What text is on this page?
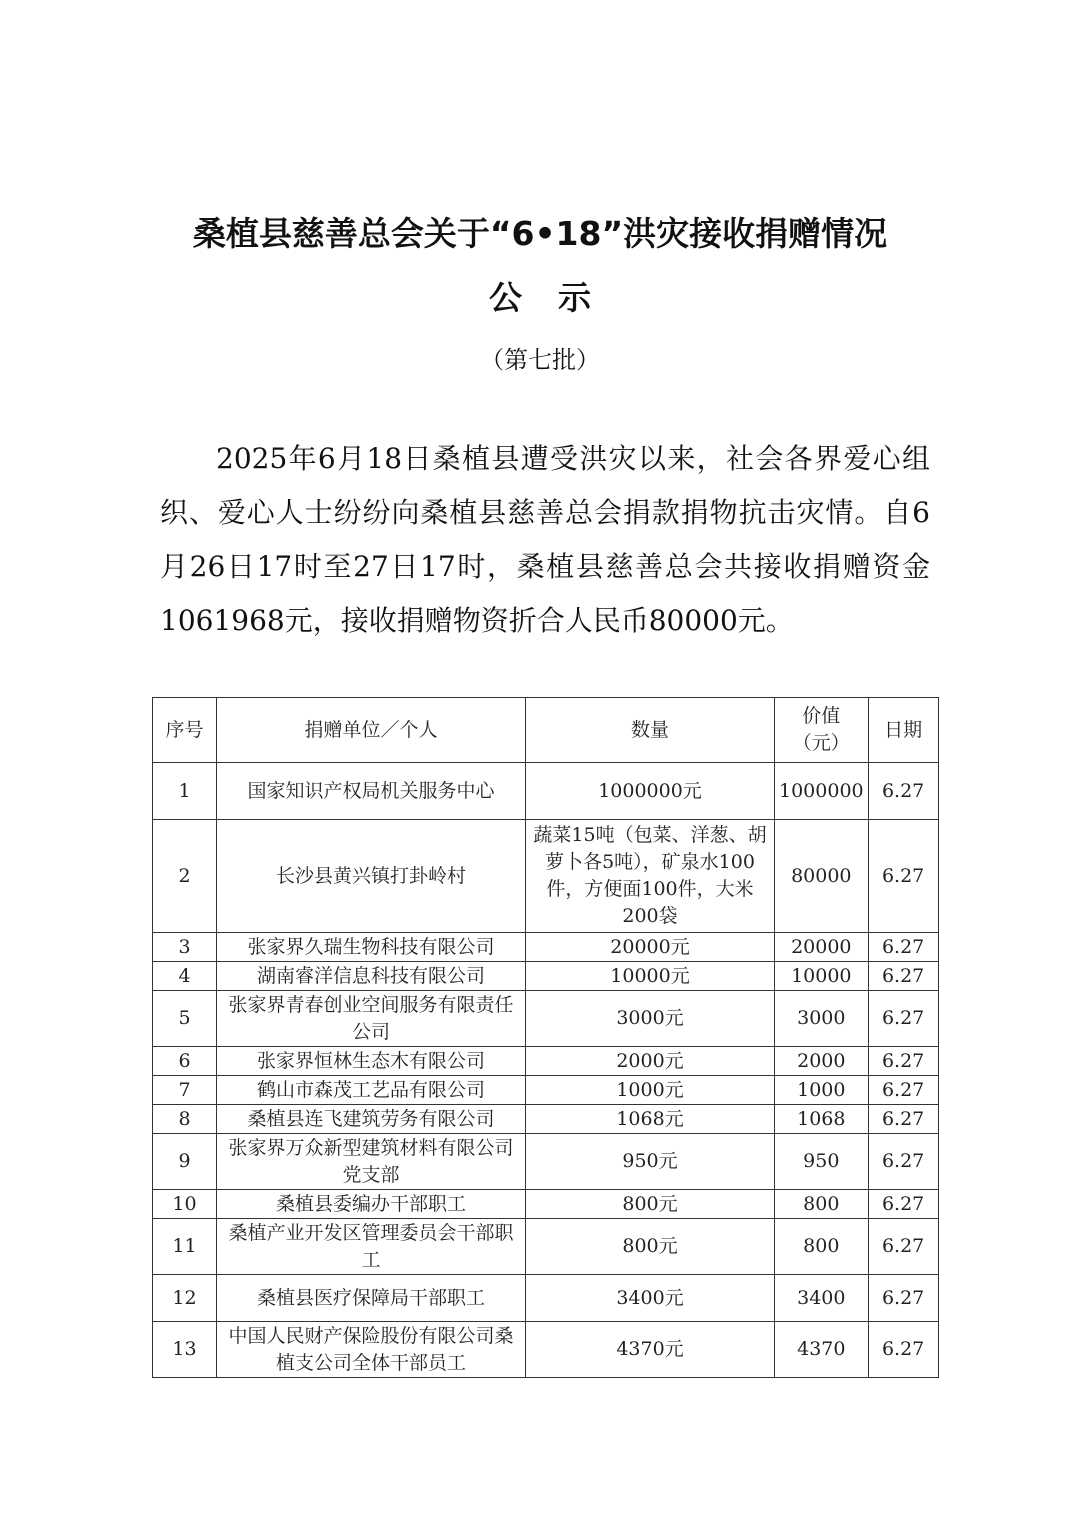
桑植县慈善总会关于“6•18”洪灾接收捐赠情况
公示

（第七批）

2025年6月18日桑植县遭受洪灾以来，社会各界爱心组织、爱心人士纷纷向桑植县慈善总会捐款捐物抗击灾情。自6月26日17时至27日17时，桑植县慈善总会共接收捐赠资金1061968元，接收捐赠物资折合人民币80000元。

序号	捐赠单位／个人	数量	价值（元）	日期
1	国家知识产权局机关服务中心	1000000元	1000000	6.27
2	长沙县黄兴镇打卦岭村	蔬菜15吨（包菜、洋葱、胡萝卜各5吨），矿泉水100件，方便面100件，大米200袋	80000	6.27
3	张家界久瑞生物科技有限公司	20000元	20000	6.27
4	湖南睿洋信息科技有限公司	10000元	10000	6.27
5	张家界青春创业空间服务有限责任公司	3000元	3000	6.27
6	张家界恒林生态木有限公司	2000元	2000	6.27
7	鹤山市森茂工艺品有限公司	1000元	1000	6.27
8	桑植县连飞建筑劳务有限公司	1068元	1068	6.27
9	张家界万众新型建筑材料有限公司党支部	950元	950	6.27
10	桑植县委编办干部职工	800元	800	6.27
11	桑植产业开发区管理委员会干部职工	800元	800	6.27
12	桑植县医疗保障局干部职工	3400元	3400	6.27
13	中国人民财产保险股份有限公司桑植支公司全体干部员工	4370元	4370	6.27
